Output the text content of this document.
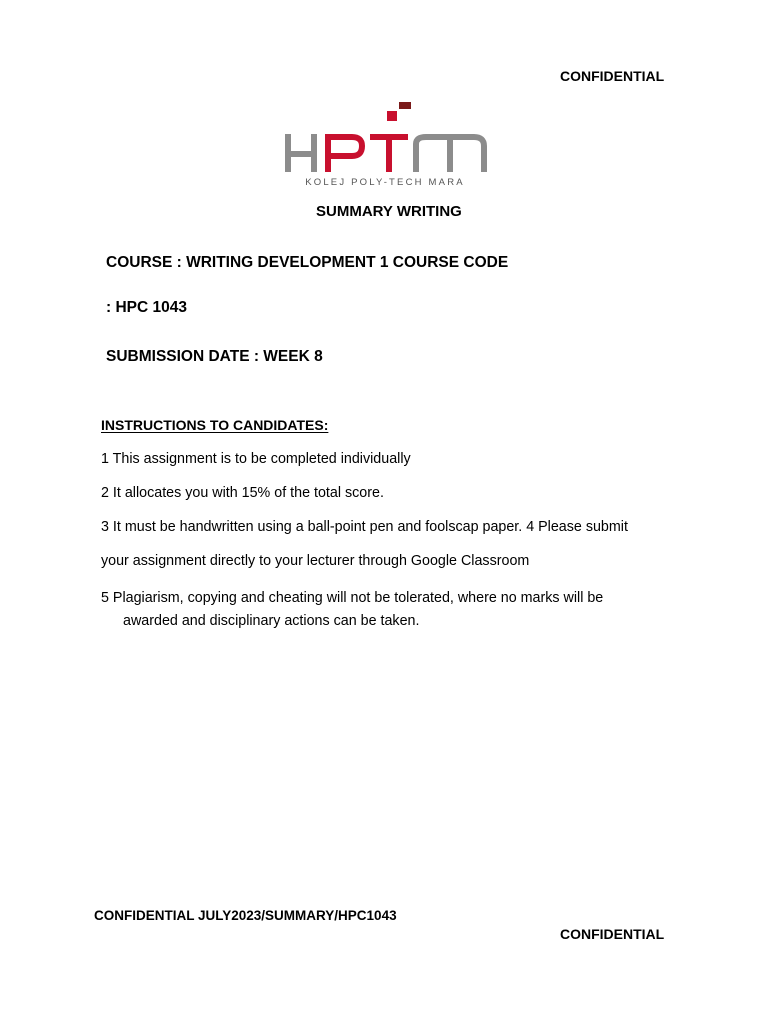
CONFIDENTIAL
KOLEJ POLY-TECH MARA
SUMMARY WRITING
COURSE : WRITING DEVELOPMENT 1 COURSE CODE
: HPC 1043
SUBMISSION DATE : WEEK 8
INSTRUCTIONS TO CANDIDATES:
1 This assignment is to be completed individually
2 It allocates you with 15% of the total score.
3 It must be handwritten using a ball-point pen and foolscap paper. 4 Please submit
your assignment directly to your lecturer through Google Classroom
5 Plagiarism, copying and cheating will not be tolerated, where no marks will be
awarded and disciplinary actions can be taken.
CONFIDENTIAL JULY2023/SUMMARY/HPC1043
CONFIDENTIAL
